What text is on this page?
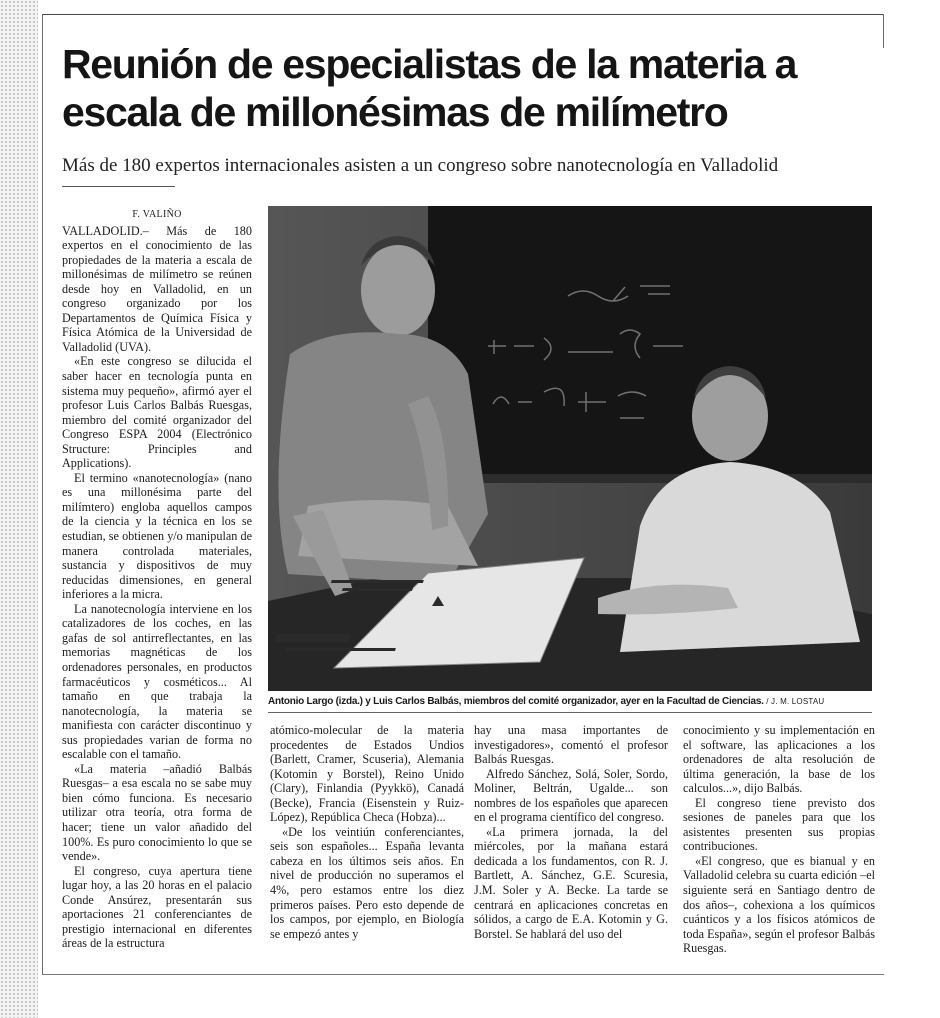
Reunión de especialistas de la materia a escala de millonésimas de milímetro
Más de 180 expertos internacionales asisten a un congreso sobre nanotecnología en Valladolid

F. VALIÑO

VALLADOLID.– Más de 180 expertos en el conocimiento de las propiedades de la materia a escala de millonésimas de milímetro se reúnen desde hoy en Valladolid, en un congreso organizado por los Departamentos de Química Física y Física Atómica de la Universidad de Valladolid (UVA).

«En este congreso se dilucida el saber hacer en tecnología punta en sistema muy pequeño», afirmó ayer el profesor Luis Carlos Balbás Ruesgas, miembro del comité organizador del Congreso ESPA 2004 (Electrónico Structure: Principles and Applications).

El termino «nanotecnología» (nano es una millonésima parte del milímtero) engloba aquellos campos de la ciencia y la técnica en los se estudian, se obtienen y/o manipulan de manera controlada materiales, sustancia y dispositivos de muy reducidas dimensiones, en general inferiores a la micra.

La nanotecnología interviene en los catalizadores de los coches, en las gafas de sol antirreflectantes, en las memorias magnéticas de los ordenadores personales, en productos farmacéuticos y cosméticos... Al tamaño en que trabaja la nanotecnología, la materia se manifiesta con carácter discontinuo y sus propiedades varian de forma no escalable con el tamaño.

«La materia –añadió Balbás Ruesgas– a esa escala no se sabe muy bien cómo funciona. Es necesario utilizar otra teoría, otra forma de hacer; tiene un valor añadido del 100%. Es puro conocimiento lo que se vende».

El congreso, cuya apertura tiene lugar hoy, a las 20 horas en el palacio Conde Ansúrez, presentarán sus aportaciones 21 conferenciantes de prestigio internacional en diferentes áreas de la estructura

Antonio Largo (izda.) y Luis Carlos Balbás, miembros del comité organizador, ayer en la Facultad de Ciencias. / J. M. LOSTAU

atómico-molecular de la materia procedentes de Estados Undios (Barlett, Cramer, Scuseria), Alemania (Kotomin y Borstel), Reino Unido (Clary), Finlandia (Pyykkö), Canadá (Becke), Francia (Eisenstein y Ruiz-López), República Checa (Hobza)...

«De los veintiún conferenciantes, seis son españoles... España levanta cabeza en los últimos seis años. En nivel de producción no superamos el 4%, pero estamos entre los diez primeros países. Pero esto depende de los campos, por ejemplo, en Biología se empezó antes y

hay una masa importantes de investigadores», comentó el profesor Balbás Ruesgas.

Alfredo Sánchez, Solá, Soler, Sordo, Moliner, Beltrán, Ugalde... son nombres de los españoles que aparecen en el programa científico del congreso.

«La primera jornada, la del miércoles, por la mañana estará dedicada a los fundamentos, con R. J. Bartlett, A. Sánchez, G.E. Scuresia, J.M. Soler y A. Becke. La tarde se centrará en aplicaciones concretas en sólidos, a cargo de E.A. Kotomin y G. Borstel. Se hablará del uso del

conocimiento y su implementación en el software, las aplicaciones a los ordenadores de alta resolución de última generación, la base de los calculos...», dijo Balbás.

El congreso tiene previsto dos sesiones de paneles para que los asistentes presenten sus propias contribuciones.

«El congreso, que es bianual y en Valladolid celebra su cuarta edición –el siguiente será en Santiago dentro de dos años–, cohexiona a los químicos cuánticos y a los físicos atómicos de toda España», según el profesor Balbás Ruesgas.
